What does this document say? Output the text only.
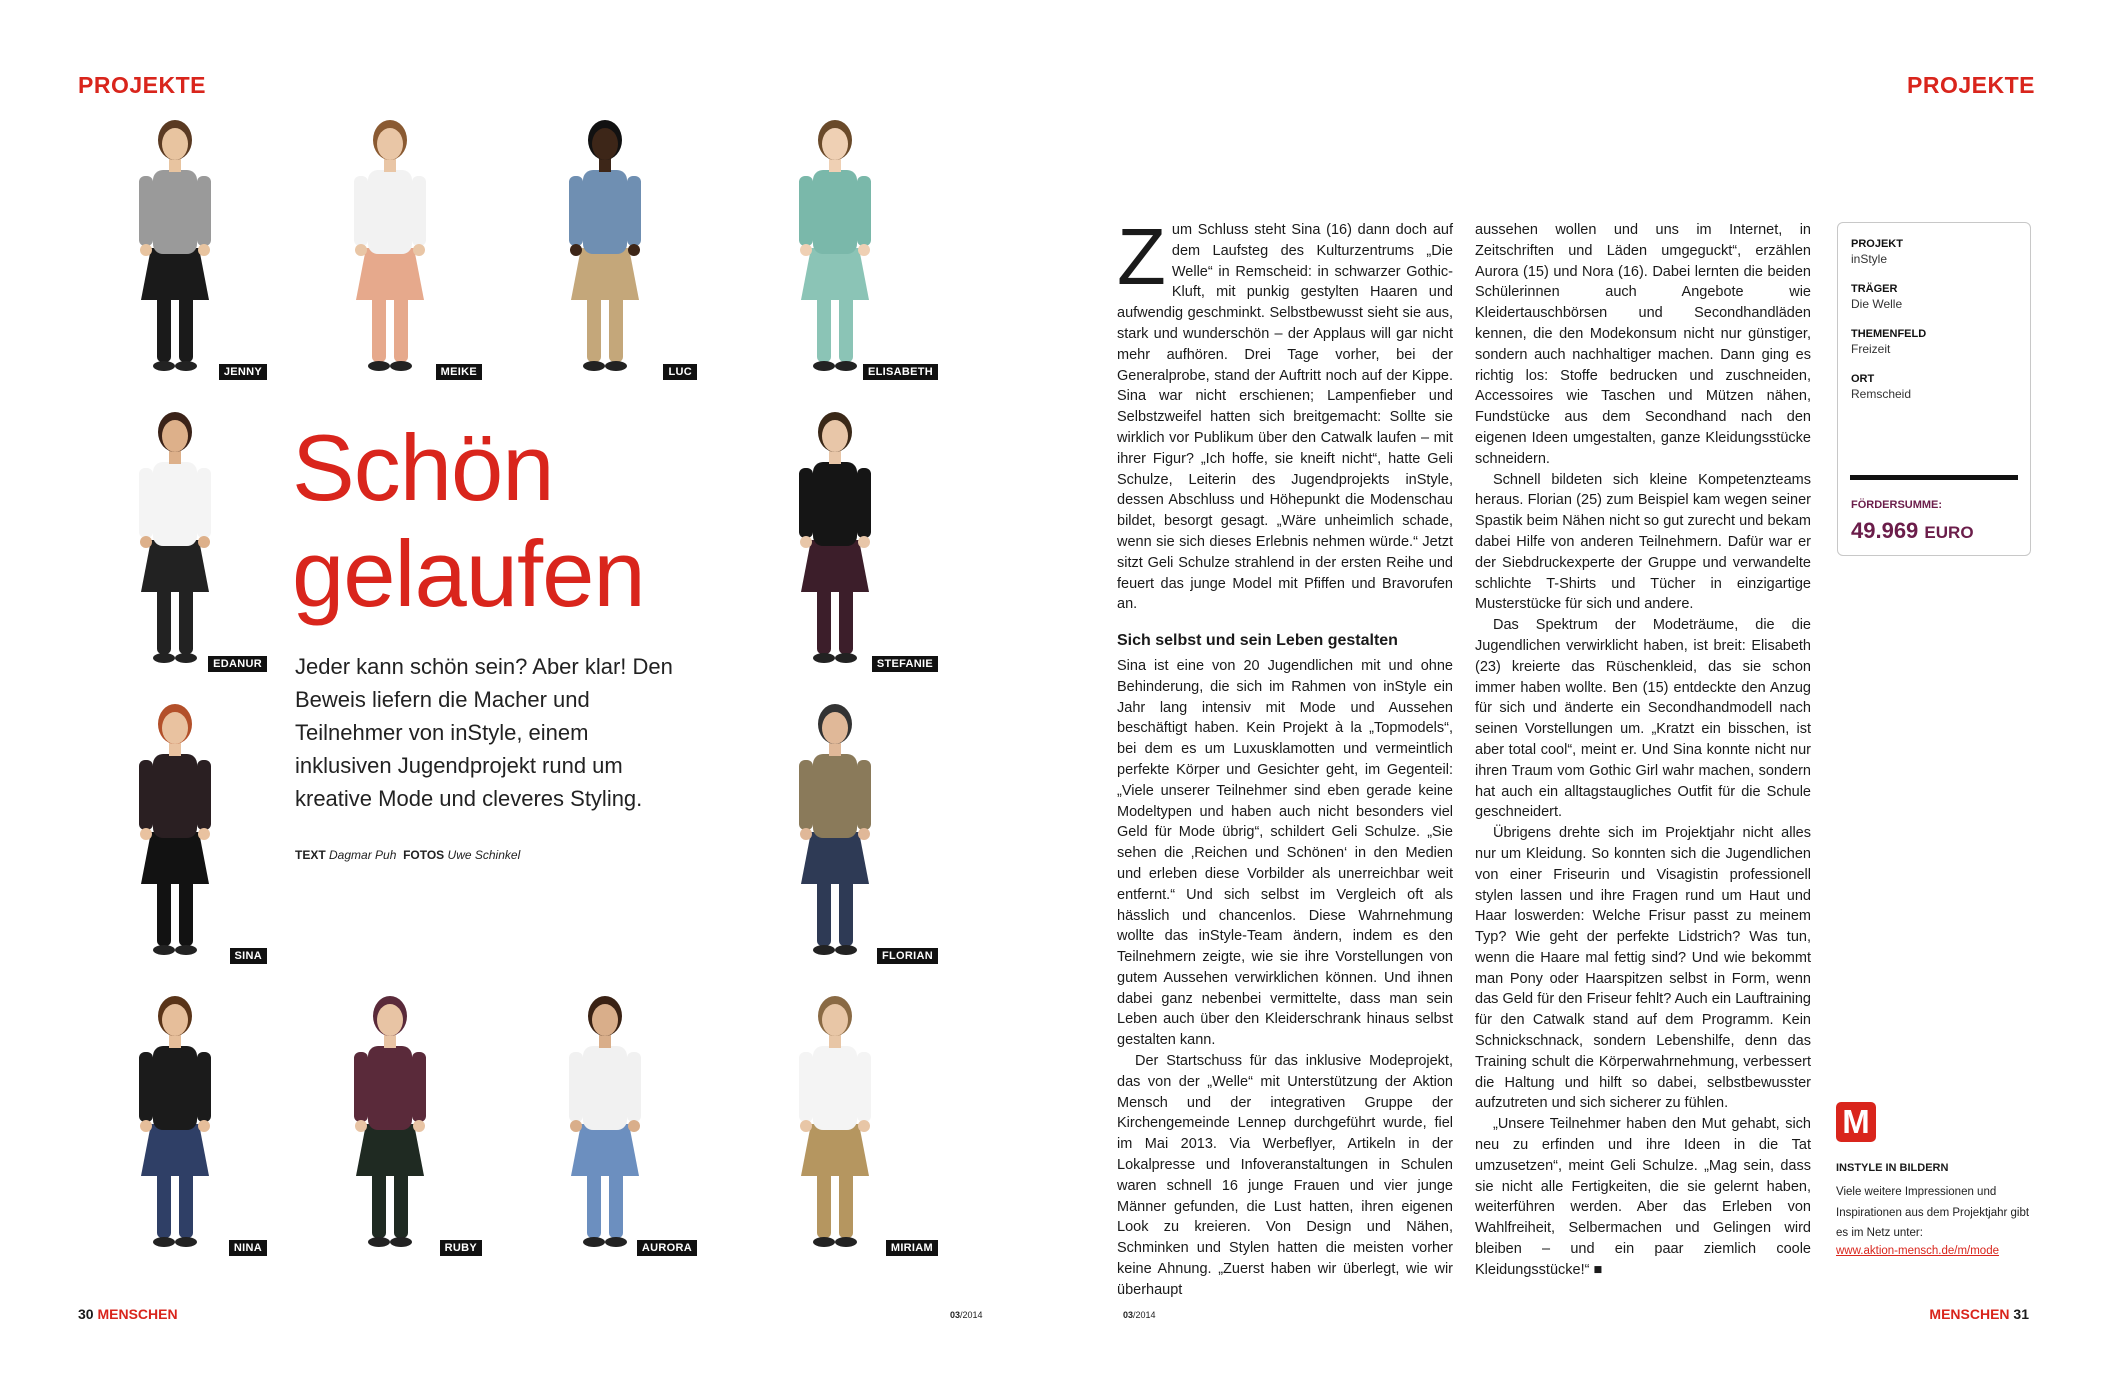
PROJEKTE	PROJEKTE
JENNY	MEIKE	LUC	ELISABETH
EDANUR	STEFANIE
SINA	FLORIAN
NINA	RUBY	AURORA	MIRIAM
Schön
gelaufen
Jeder kann schön sein? Aber klar! Den Beweis liefern die Macher und Teilnehmer von inStyle, einem inklusiven Jugendprojekt rund um kreative Mode und cleveres Styling.
TEXT Dagmar Puh FOTOS Uwe Schinkel

Zum Schluss steht Sina (16) dann doch auf dem Laufsteg des Kulturzentrums „Die Welle“ in Remscheid: in schwarzer Gothic-Kluft, mit punkig gestylten Haaren und aufwendig geschminkt. Selbstbewusst sieht sie aus, stark und wunderschön – der Applaus will gar nicht mehr aufhören. Drei Tage vorher, bei der Generalprobe, stand der Auftritt noch auf der Kippe. Sina war nicht erschienen; Lampenfieber und Selbstzweifel hatten sich breitgemacht: Sollte sie wirklich vor Publikum über den Catwalk laufen – mit ihrer Figur? „Ich hoffe, sie kneift nicht“, hatte Geli Schulze, Leiterin des Jugendprojekts inStyle, dessen Abschluss und Höhepunkt die Modenschau bildet, besorgt gesagt. „Wäre unheimlich schade, wenn sie sich dieses Erlebnis nehmen würde.“ Jetzt sitzt Geli Schulze strahlend in der ersten Reihe und feuert das junge Model mit Pfiffen und Bravorufen an.

Sich selbst und sein Leben gestalten

Sina ist eine von 20 Jugendlichen mit und ohne Behinderung, die sich im Rahmen von inStyle ein Jahr lang intensiv mit Mode und Aussehen beschäftigt haben. Kein Projekt à la „Topmodels“, bei dem es um Luxusklamotten und vermeintlich perfekte Körper und Gesichter geht, im Gegenteil: „Viele unserer Teilnehmer sind eben gerade keine Modeltypen und haben auch nicht besonders viel Geld für Mode übrig“, schildert Geli Schulze. „Sie sehen die ‚Reichen und Schönen‘ in den Medien und erleben diese Vorbilder als unerreichbar weit entfernt.“ Und sich selbst im Vergleich oft als hässlich und chancenlos. Diese Wahrnehmung wollte das inStyle-Team ändern, indem es den Teilnehmern zeigte, wie sie ihre Vorstellungen von gutem Aussehen verwirklichen können. Und ihnen dabei ganz nebenbei vermittelte, dass man sein Leben auch über den Kleiderschrank hinaus selbst gestalten kann.

Der Startschuss für das inklusive Modeprojekt, das von der „Welle“ mit Unterstützung der Aktion Mensch und der integrativen Gruppe der Kirchengemeinde Lennep durchgeführt wurde, fiel im Mai 2013. Via Werbeflyer, Artikeln in der Lokalpresse und Infoveranstaltungen in Schulen waren schnell 16 junge Frauen und vier junge Männer gefunden, die Lust hatten, ihren eigenen Look zu kreieren. Von Design und Nähen, Schminken und Stylen hatten die meisten vorher keine Ahnung. „Zuerst haben wir überlegt, wie wir überhaupt

aussehen wollen und uns im Internet, in Zeitschriften und Läden umgeguckt“, erzählen Aurora (15) und Nora (16). Dabei lernten die beiden Schülerinnen auch Angebote wie Kleidertauschbörsen und Secondhandläden kennen, die den Modekonsum nicht nur günstiger, sondern auch nachhaltiger machen. Dann ging es richtig los: Stoffe bedrucken und zuschneiden, Accessoires wie Taschen und Mützen nähen, Fundstücke aus dem Secondhand nach den eigenen Ideen umgestalten, ganze Kleidungsstücke schneidern.

Schnell bildeten sich kleine Kompetenzteams heraus. Florian (25) zum Beispiel kam wegen seiner Spastik beim Nähen nicht so gut zurecht und bekam dabei Hilfe von anderen Teilnehmern. Dafür war er der Siebdruckexperte der Gruppe und verwandelte schlichte T-Shirts und Tücher in einzigartige Musterstücke für sich und andere.

Das Spektrum der Modeträume, die die Jugendlichen verwirklicht haben, ist breit: Elisabeth (23) kreierte das Rüschenkleid, das sie schon immer haben wollte. Ben (15) entdeckte den Anzug für sich und änderte ein Secondhandmodell nach seinen Vorstellungen um. „Kratzt ein bisschen, ist aber total cool“, meint er. Und Sina konnte nicht nur ihren Traum vom Gothic Girl wahr machen, sondern hat auch ein alltagstaugliches Outfit für die Schule geschneidert.

Übrigens drehte sich im Projektjahr nicht alles nur um Kleidung. So konnten sich die Jugendlichen von einer Friseurin und Visagistin professionell stylen lassen und ihre Fragen rund um Haut und Haar loswerden: Welche Frisur passt zu meinem Typ? Wie geht der perfekte Lidstrich? Was tun, wenn die Haare mal fettig sind? Und wie bekommt man Pony oder Haarspitzen selbst in Form, wenn das Geld für den Friseur fehlt? Auch ein Lauftraining für den Catwalk stand auf dem Programm. Kein Schnickschnack, sondern Lebenshilfe, denn das Training schult die Körperwahrnehmung, verbessert die Haltung und hilft so dabei, selbstbewusster aufzutreten und sich sicherer zu fühlen.

„Unsere Teilnehmer haben den Mut gehabt, sich neu zu erfinden und ihre Ideen in die Tat umzusetzen“, meint Geli Schulze. „Mag sein, dass sie nicht alle Fertigkeiten, die sie gelernt haben, weiterführen werden. Aber das Erleben von Wahlfreiheit, Selbermachen und Gelingen wird bleiben – und ein paar ziemlich coole Kleidungsstücke!“ ■

PROJEKT

inStyle

TRÄGER

Die Welle

THEMENFELD

Freizeit

ORT

Remscheid

FÖRDERSUMME:
49.969 EURO
M
INSTYLE IN BILDERN
Viele weitere Impressionen und Inspirationen aus dem Projektjahr gibt es im Netz unter:
www.aktion-mensch.de/m/mode
30 MENSCHEN	03/2014	03/2014	MENSCHEN 31
